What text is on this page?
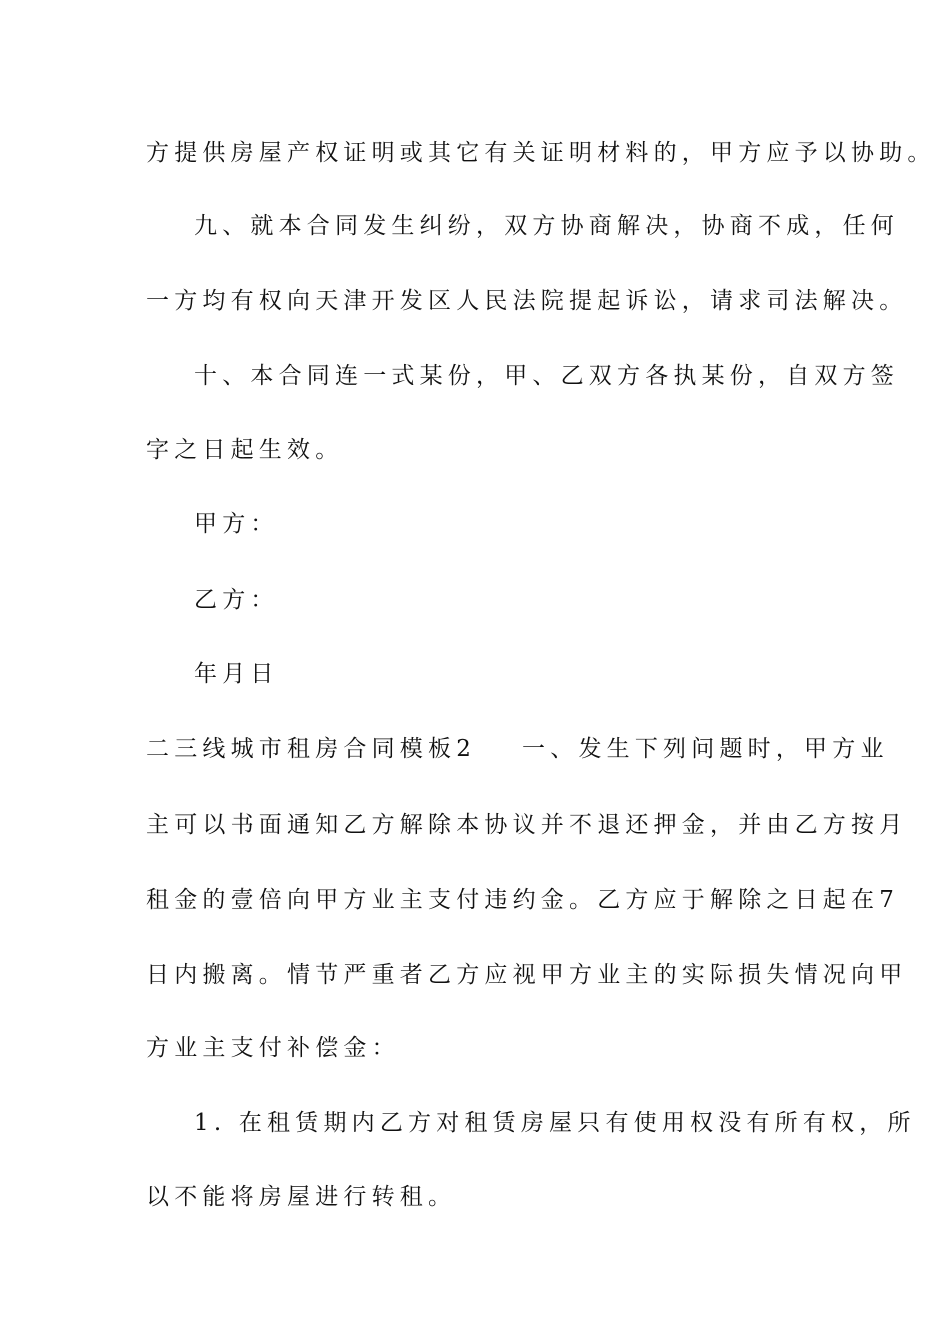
方提供房屋产权证明或其它有关证明材料的，甲方应予以协助。
九、就本合同发生纠纷，双方协商解决，协商不成，任何
一方均有权向天津开发区人民法院提起诉讼，请求司法解决。
十、本合同连一式某份，甲、乙双方各执某份，自双方签
字之日起生效。
甲方：
乙方：
年月日
二三线城市租房合同模板2 一、发生下列问题时，甲方业
主可以书面通知乙方解除本协议并不退还押金，并由乙方按月
租金的壹倍向甲方业主支付违约金。乙方应于解除之日起在7
日内搬离。情节严重者乙方应视甲方业主的实际损失情况向甲
方业主支付补偿金：
1. 在租赁期内乙方对租赁房屋只有使用权没有所有权，所
以不能将房屋进行转租。
